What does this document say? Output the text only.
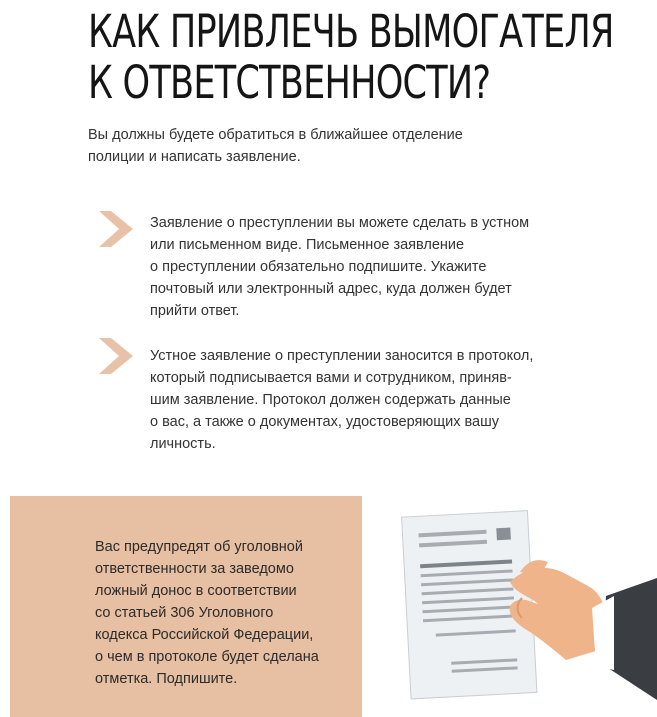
КАК ПРИВЛЕЧЬ ВЫМОГАТЕЛЯ
К ОТВЕТСТВЕННОСТИ?

Вы должны будете обратиться в ближайшее отделение
полиции и написать заявление.

Заявление о преступлении вы можете сделать в устном
или письменном виде. Письменное заявление
о преступлении обязательно подпишите. Укажите
почтовый или электронный адрес, куда должен будет
прийти ответ.

Устное заявление о преступлении заносится в протокол,
который подписывается вами и сотрудником, приняв-
шим заявление. Протокол должен содержать данные
о вас, а также о документах, удостоверяющих вашу
личность.

Вас предупредят об уголовной
ответственности за заведомо
ложный донос в соответствии
со статьей 306 Уголовного
кодекса Российской Федерации,
о чем в протоколе будет сделана
отметка. Подпишите.
